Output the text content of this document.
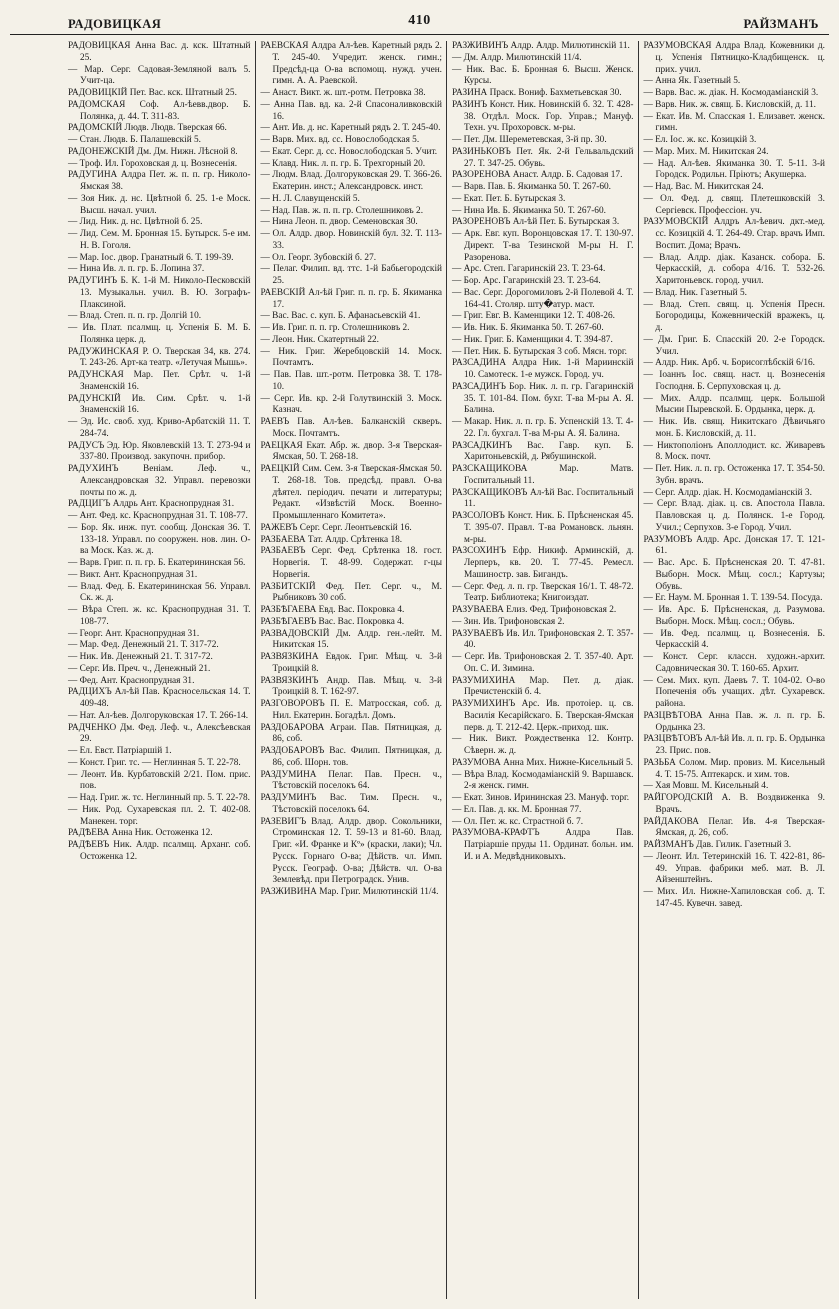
РАДОВИЦКАЯ	410	РАЙЗМАНЪ

РАДОВИЦКАЯ Анна Вас. д. кск. Штатный 25.

— Мар. Серг. Садовая-Земляной валъ 5. Учит-ца.

РАДОВИЦКІЙ Пет. Вас. кск. Штатный 25.

РАДОМСКАЯ Соф. Ал-ѣевв.двор. Б. Полянка, д. 44. Т. 311-83.

РАДОМСКІЙ Людв. Людв. Тверская 66.

— Стан. Людв. Б. Палашевскій 5.

РАДОНЕЖСКІЙ Дм. Дм. Нижн. Лѣсной 8.

— Троф. Ил. Гороховская д. ц. Вознесенія.

РАДУГИНА Алдра Пет. ж. п. п. гр. Николо-Ямская 38.

— Зоя Ник. д. нс. Цвѣтной б. 25. 1-е Моск. Высш. начал. учил.

— Лид. Ник. д. нс. Цвѣтной б. 25.

— Лид. Сем. М. Бронная 15. Бутырск. 5-е им. Н. В. Гоголя.

— Мар. Іос. двор. Гранатный 6. Т. 199-39.

— Нина Ив. л. п. гр. Б. Лопина 37.

РАДУГИНЪ Б. К. 1-й М. Николо-Песковскій 13. Музыкальн. учил. В. Ю. Зографъ-Плаксиной.

— Влад. Степ. п. п. гр. Долгій 10.

— Ив. Плат. псалмщ. ц. Успенія Б. М. Б. Полянка церк. д.

РАДУЖИНСКАЯ Р. О. Тверская 34, кв. 274. Т. 243-26. Арт-ка театр. «Летучая Мышь».

РАДУНСКАЯ Мар. Пет. Срѣт. ч. 1-й Знаменскій 16.

РАДУНСКІЙ Ив. Сим. Срѣт. ч. 1-й Знаменскій 16.

— Эд. Ис. своб. худ. Криво-Арбатскій 11. Т. 284-74.

РАДУСЪ Эд. Юр. Яковлевскій 13. Т. 273-94 и 337-80. Производ. закупочн. прибор.

РАДУХИНЪ Веніам. Леф. ч., Александровская 32. Управл. перевозки почты по ж. д.

РАДЦИГЪ Алдрь Ант. Краснопрудная 31.

— Ант. Фед. кс. Краснопрудная 31. Т. 108-77.

— Бор. Як. инж. пут. сообщ. Донская 36. Т. 133-18. Управл. по сооружен. нов. лин. О-ва Моск. Каз. ж. д.

— Варв. Григ. п. п. гр. Б. Екатерининская 56.

— Викт. Ант. Краснопрудная 31.

— Влад. Фед. Б. Екатерининская 56. Управл. Ск. ж. д.

— Вѣра Степ. ж. кс. Краснопрудная 31. Т. 108-77.

— Георг. Ант. Краснопрудная 31.

— Мар. Фед. Денежный 21. Т. 317-72.

— Ник. Ив. Денежный 21. Т. 317-72.

— Серг. Ив. Преч. ч., Денежный 21.

— Фед. Ант. Краснопрудная 31.

РАДЦИХЪ Ал-ѣй Пав. Красносельская 14. Т. 409-48.

— Нат. Ал-ѣев. Долгоруковская 17. Т. 266-14.

РАДЧЕНКО Дм. Фед. Леф. ч., Алексѣевская 29.

— Ел. Евст. Патріаршій 1.

— Конст. Григ. тс. — Неглинная 5. Т. 22-78.

— Леонт. Ив. Курбатовскій 2/21. Пом. прис. пов.

— Над. Григ. ж. тс. Неглинный пр. 5. Т. 22-78.

— Ник. Род. Сухаревская пл. 2. Т. 402-08. Манекен. торг.

РАДѢЕВА Анна Ник. Остоженка 12.

РАДѢЕВЪ Ник. Алдр. псалмщ. Арханг. соб. Остоженка 12.

РАЕВСКАЯ Алдра Ал-ѣев. Каретный рядъ 2. Т. 245-40. Учредит. женск. гимн.; Предсѣд-ца О-ва вспомощ. нужд. учен. гимн. А. А. Раевской.

— Анаст. Викт. ж. шт.-ротм. Петровка 38.

— Анна Пав. вд. ка. 2-й Спасоналивковскій 16.

— Ант. Ив. д. нс. Каретный рядъ 2. Т. 245-40.

— Варв. Мих. вд. сс. Новослободская 5.

— Екат. Серг. д. сс. Новослободская 5. Учит.

— Клавд. Ник. л. п. гр. Б. Трехгорный 20.

— Людм. Влад. Долгоруковская 29. Т. 366-26. Екатерин. инст.; Александровск. инст.

— Н. Л. Славущенскій 5.

— Над. Пав. ж. п. п. гр. Столешниковъ 2.

— Нина Леон. п. двор. Семеновская 30.

— Ол. Алдр. двор. Новинскій бул. 32. Т. 113-33.

— Ол. Георг. Зубовскій б. 27.

— Пелаг. Филип. вд. ттс. 1-й Бабьегородскій 25.

РАЕВСКІЙ Ал-ѣй Григ. п. п. гр. Б. Якиманка 17.

— Вас. Вас. с. куп. Б. Афанасьевскій 41.

— Ив. Григ. п. п. гр. Столешниковъ 2.

— Леон. Ник. Скатертный 22.

— Ник. Григ. Жеребцовскій 14. Моск. Почтамтъ.

— Пав. Пав. шт.-ротм. Петровка 38. Т. 178-10.

— Серг. Ив. кр. 2-й Голутвинскій 3. Моск. Казнач.

РАЕВЪ Пав. Ал-ѣев. Балканскій скверъ. Моск. Почтамтъ.

РАЕЦКАЯ Екат. Абр. ж. двор. 3-я Тверская-Ямская, 50. Т. 268-18.

РАЕЦКІЙ Сим. Сем. 3-я Тверская-Ямская 50. Т. 268-18. Тов. предсѣд. правл. О-ва дѣятел. періодич. печати и литературы; Редакт. «Извѣстій Моск. Военно-Промышленнаго Комитета».

РАЖЕВЪ Серг. Серг. Леонтьевскій 16.

РАЗБАЕВА Тат. Алдр. Срѣтенка 18.

РАЗБАЕВЪ Серг. Фед. Срѣтенка 18. гост. Норвегія. Т. 48-99. Содержат. г-цы Норвегія.

РАЗБИТСКІЙ Фед. Пет. Серг. ч., М. Рыбниковъ 30 соб.

РАЗБѢГАЕВА Евд. Вас. Покровка 4.

РАЗБѢГАЕВЪ Вас. Вас. Покровка 4.

РАЗВАДОВСКІЙ Дм. Алдр. ген.-лейт. М. Никитская 15.

РАЗВЯЗКИНА Евдок. Григ. Мѣщ. ч. 3-й Троицкій 8.

РАЗВЯЗКИНЪ Андр. Пав. Мѣщ. ч. 3-й Троицкій 8. Т. 162-97.

РАЗГОВОРОВЪ П. Е. Матросская, соб. д. Нил. Екатерин. Богадѣл. Домъ.

РАЗДОБАРОВА Аграи. Пав. Пятницкая, д. 86, соб.

РАЗДОБАРОВЪ Вас. Филип. Пятницкая, д. 86, соб. Шорн. тов.

РАЗДУМИНА Пелаг. Пав. Пресн. ч., Тѣстовскій поселокъ 64.

РАЗДУМИНЪ Вас. Тим. Пресн. ч., Тѣстовскій поселокъ 64.

РАЗЕВИГЪ Влад. Алдр. двор. Сокольники, Строминская 12. Т. 59-13 и 81-60. Влад. Григ. «И. Франке и Кº» (краски, лаки); Чл. Русск. Горнаго О-ва; Дѣйств. чл. Имп. Русск. Географ. О-ва; Дѣйств. чл. О-ва Землевѣд. при Петроградск. Унив.

РАЗЖИВИНА Мар. Григ. Милютинскій 11/4.

РАЗЖИВИНЪ Алдр. Алдр. Милютинскій 11.

— Дм. Алдр. Милютинскій 11/4.

— Ник. Вас. Б. Бронная 6. Высш. Женск. Курсы.

РАЗИНА Праск. Вониф. Бахметьевская 30.

РАЗИНЪ Конст. Ник. Новинскій б. 32. Т. 428-38. Отдѣл. Моск. Гор. Управ.; Мануф. Техн. уч. Прохоровск. м-ры.

— Пет. Дм. Шереметевская, 3-й пр. 30.

РАЗИНЬКОВЪ Пет. Як. 2-й Гельвальдский 27. Т. 347-25. Обувь.

РАЗОРЕНОВА Анаст. Алдр. Б. Садовая 17.

— Варв. Пав. Б. Якиманка 50. Т. 267-60.

— Екат. Пет. Б. Бутырская 3.

— Нина Ив. Б. Якиманка 50. Т. 267-60.

РАЗОРЕНОВЪ Ал-ѣй Пет. Б. Бутырская 3.

— Арк. Евг. куп. Воронцовская 17. Т. 130-97. Директ. Т-ва Тезинской М-ры Н. Г. Разоренова.

— Арс. Степ. Гагаринскій 23. Т. 23-64.

— Бор. Арс. Гагаринскій 23. Т. 23-64.

— Вас. Серг. Дорогомиловъ 2-й Полевой 4. Т. 164-41. Столяр. шту�атур. маст.

— Григ. Евг. В. Каменщики 12. Т. 408-26.

— Ив. Ник. Б. Якиманка 50. Т. 267-60.

— Ник. Григ. Б. Каменщики 4. Т. 394-87.

— Пет. Ник. Б. Бутырская 3 соб. Мясн. торг.

РАЗСАДИНА Алдра Ник. 1-й Мариинскій 10. Самотеск. 1-е мужск. Город. уч.

РАЗСАДИНЪ Бор. Ник. л. п. гр. Гагаринскій 35. Т. 101-84. Пом. бухг. Т-ва М-ры А. Я. Балина.

— Макар. Ник. л. п. гр. Б. Успенскій 13. Т. 4-22. Гл. бухгал. Т-ва М-ры А. Я. Балина.

РАЗСАДКИНЪ Вас. Гавр. куп. Б. Харитоньевскій, д. Рябушинской.

РАЗСКАЩИКОВА Мар. Матв. Госпитальный 11.

РАЗСКАЩИКОВЪ Ал-ѣй Вас. Госпитальный 11.

РАЗСОЛОВЪ Конст. Ник. Б. Прѣсненская 45. Т. 395-07. Правл. Т-ва Романовск. льнян. м-ры.

РАЗСОХИНЪ Ефр. Никиф. Арминскій, д. Лерперъ, кв. 20. Т. 77-45. Ремесл. Машиностр. зав. Бигандъ.

— Серг. Фед. л. п. гр. Тверская 16/1. Т. 48-72. Театр. Библиотека; Книгоиздат.

РАЗУВАЕВА Елиз. Фед. Трифоновская 2.

— Зин. Ив. Трифоновская 2.

РАЗУВАЕВЪ Ив. Ил. Трифоновская 2. Т. 357-40.

— Серг. Ив. Трифоновская 2. Т. 357-40. Арт. Оп. С. И. Зимина.

РАЗУМИХИНА Мар. Пет. д. діак. Пречистенскій б. 4.

РАЗУМИХИНЪ Арс. Ив. протоіер. ц. св. Василія Кесарійскаго. Б. Тверская-Ямская перв. д. Т. 212-42. Церк.-приход. шк.

— Ник. Викт. Рождественка 12. Контр. Сѣверн. ж. д.

РАЗУМОВА Анна Мих. Нижне-Кисельный 5.

— Вѣра Влад. Космодаміанскій 9. Варшавск. 2-я женск. гимн.

— Екат. Зинов. Ирининская 23. Мануф. торг.

— Ел. Пав. д. кк. М. Бронная 77.

— Ол. Пет. ж. кс. Страстной б. 7.

РАЗУМОВА-КРАФТЪ Алдра Пав. Патріаршіе пруды 11. Ординат. больн. им. И. и А. Медвѣдниковыхъ.

РАЗУМОВСКАЯ Алдра Влад. Кожевники д. ц. Успенія Пятницко-Кладбищенск. ц. прих. учил.

— Анна Як. Газетный 5.

— Варв. Вас. ж. діак. Н. Космодаміанскій 3.

— Варв. Ник. ж. свящ. Б. Кисловскій, д. 11.

— Екат. Ив. М. Спасская 1. Елизавет. женск. гимн.

— Ел. Іос. ж. кс. Козицкій 3.

— Мар. Мих. М. Никитская 24.

— Над. Ал-ѣев. Якиманка 30. Т. 5-11. 3-й Городск. Родильн. Пріютъ; Акушерка.

— Над. Вас. М. Никитская 24.

— Ол. Фед. д. свящ. Плетешковскій 3. Сергіевск. Профессіон. уч.

РАЗУМОВСКІЙ Алдръ Ал-ѣевич. дкт.-мед. сс. Козицкій 4. Т. 264-49. Стар. врачъ Имп. Воспит. Дома; Врачъ.

— Влад. Алдр. діак. Казанск. собора. Б. Черкасскій, д. собора 4/16. Т. 532-26. Харитоньевск. город. учил.

— Влад. Ник. Газетный 5.

— Влад. Степ. свящ. ц. Успенія Пресн. Богородицы, Кожевническій вражекъ, ц. д.

— Дм. Григ. Б. Спасскій 20. 2-е Городск. Учил.

— Алдр. Ник. Арб. ч. Борисоглѣбскій 6/16.

— Іоаннъ Іос. свящ. наст. ц. Вознесенія Господня. Б. Серпуховская ц. д.

— Мих. Алдр. псалмщ. церк. Большой Мысии Пыревской. Б. Ордынка, церк. д.

— Ник. Ив. свящ. Никитскаго Дѣвичьяго мон. Б. Кисловскій, д. 11.

— Никтополіонъ Аполлодист. кс. Живаревъ 8. Моск. почт.

— Пет. Ник. л. п. гр. Остоженка 17. Т. 354-50. Зубн. врачъ.

— Серг. Алдр. діак. Н. Космодаміанскій 3.

— Серг. Влад. діак. ц. св. Апостола Павла. Павловская ц. д. Полянск. 1-е Город. Учил.; Серпухов. 3-е Город. Учил.

РАЗУМОВЪ Алдр. Арс. Донская 17. Т. 121-61.

— Вас. Арс. Б. Прѣсненская 20. Т. 47-81. Выборн. Моск. Мѣщ. сосл.; Картузы; Обувь.

— Ег. Наум. М. Бронная 1. Т. 139-54. Посуда.

— Ив. Арс. Б. Прѣсненская, д. Разумова. Выборн. Моск. Мѣщ. сосл.; Обувь.

— Ив. Фед. псалмщ. ц. Вознесенія. Б. Черкасскій 4.

— Конст. Серг. классн. художн.-архит. Садовническая 30. Т. 160-65. Архит.

— Сем. Мих. куп. Даевъ 7. Т. 104-02. О-во Попеченія объ учащих. дѣт. Сухаревск. района.

РАЗЦВѢТОВА Анна Пав. ж. л. п. гр. Б. Ордынка 23.

РАЗЦВѢТОВЪ Ал-ѣй Ив. л. п. гр. Б. Ордынка 23. Прис. пов.

РАЗЬБА Солом. Мир. провиз. М. Кисельный 4. Т. 15-75. Аптекарск. и хим. тов.

— Хая Мовш. М. Кисельный 4.

РАЙГОРОДСКІЙ А. В. Воздвиженка 9. Врачъ.

РАЙДАКОВА Пелаг. Ив. 4-я Тверская-Ямская, д. 26, соб.

РАЙЗМАНЪ Дав. Гилик. Газетный 3.

— Леонт. Ил. Тетеринскій 16. Т. 422-81, 86-49. Управ. фабрики меб. мат. В. Л. Айзенштейнъ.

— Мих. Ил. Нижне-Хапиловская соб. д. Т. 147-45. Кувечн. завед.
